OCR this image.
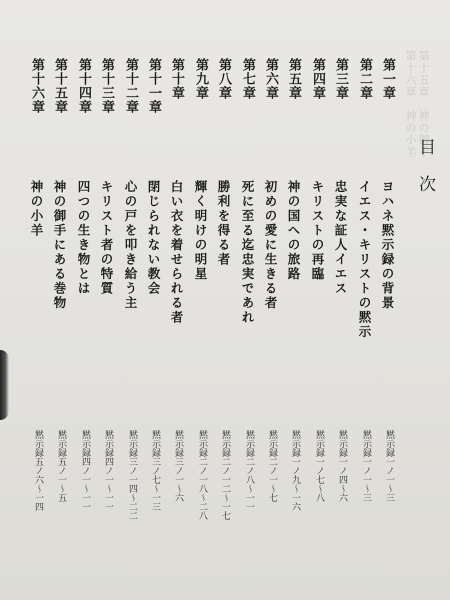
第十六章　神の小羊 第十五章　神の御手
目次
第一章
ヨハネ黙示録の背景
黙示録一ノ一～三
第二章
イエス・キリストの黙示
黙示録一ノ一～三
第三章
忠実な証人イエス
黙示録一ノ四～六
第四章
キリストの再臨
黙示録一ノ七～八
第五章
神の国への旅路
黙示録一ノ九～一六
第六章
初めの愛に生きる者
黙示録二ノ一～七
第七章
死に至る迄忠実であれ
黙示録二ノ八～一一
第八章
勝利を得る者
黙示録二ノ一二～一七
第九章
輝く明けの明星
黙示録二ノ一八～二八
第十章
白い衣を着せられる者
黙示録三ノ一～六
第十一章
閉じられない教会
黙示録三ノ七～一三
第十二章
心の戸を叩き給う主
黙示録三ノ一四～二二
第十三章
キリスト者の特質
黙示録四ノ一～一一
第十四章
四つの生き物とは
黙示録四ノ一～一一
第十五章
神の御手にある巻物
黙示録五ノ一～五
第十六章
神の小羊
黙示録五ノ六～一四
